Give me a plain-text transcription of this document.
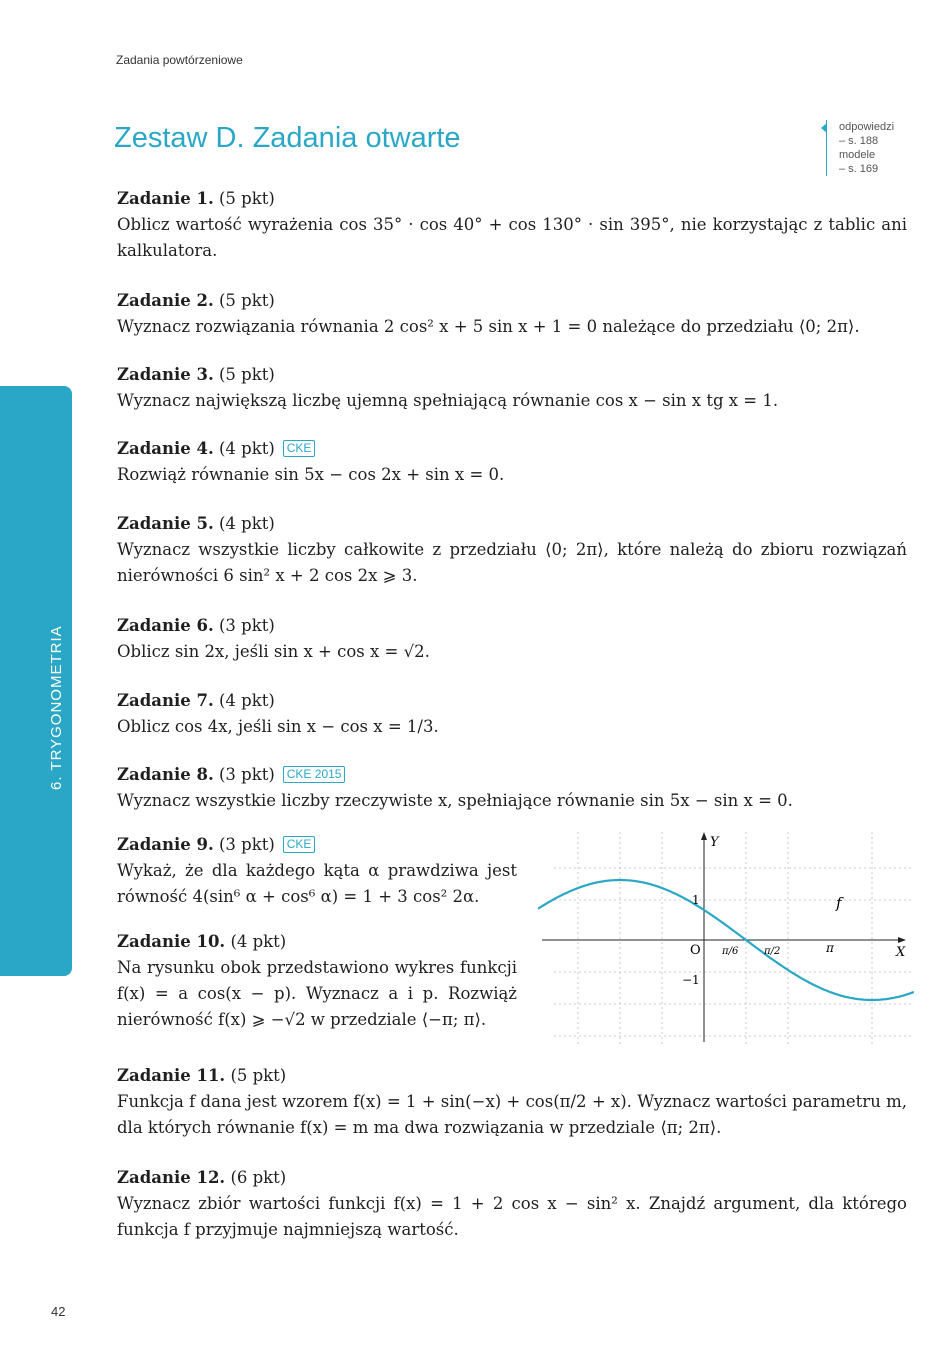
Zadania powtórzeniowe
Zestaw D. Zadania otwarte	odpowiedzi
– s. 188
modele
– s. 169
6. TRYGONOMETRIA
Zadanie 1. (5 pkt)
Oblicz wartość wyrażenia cos 35° · cos 40° + cos 130° · sin 395°, nie korzystając z tablic ani kalkulatora.
Zadanie 2. (5 pkt)
Wyznacz rozwiązania równania 2 cos² x + 5 sin x + 1 = 0 należące do przedziału ⟨0; 2π⟩.
Zadanie 3. (5 pkt)
Wyznacz największą liczbę ujemną spełniającą równanie cos x − sin x tg x = 1.
Zadanie 4. (4 pkt) CKE
Rozwiąż równanie sin 5x − cos 2x + sin x = 0.
Zadanie 5. (4 pkt)
Wyznacz wszystkie liczby całkowite z przedziału ⟨0; 2π⟩, które należą do zbioru rozwiązań nierówności 6 sin² x + 2 cos 2x ⩾ 3.
Zadanie 6. (3 pkt)
Oblicz sin 2x, jeśli sin x + cos x = √2.
Zadanie 7. (4 pkt)
Oblicz cos 4x, jeśli sin x − cos x = 1/3.
Zadanie 8. (3 pkt) CKE 2015
Wyznacz wszystkie liczby rzeczywiste x, spełniające równanie sin 5x − sin x = 0.
Zadanie 9. (3 pkt) CKE
Wykaż, że dla każdego kąta α prawdziwa jest równość 4(sin⁶ α + cos⁶ α) = 1 + 3 cos² 2α.
Zadanie 10. (4 pkt)
Na rysunku obok przedstawiono wykres funkcji f(x) = a cos(x − p). Wyznacz a i p. Rozwiąż nierówność f(x) ⩾ −√2 w przedziale ⟨−π; π⟩.
Y
X
O
1
−1
π/6	π/2	π
f
Zadanie 11. (5 pkt)
Funkcja f dana jest wzorem f(x) = 1 + sin(−x) + cos(π/2 + x). Wyznacz wartości parametru m, dla których równanie f(x) = m ma dwa rozwiązania w przedziale ⟨π; 2π⟩.
Zadanie 12. (6 pkt)
Wyznacz zbiór wartości funkcji f(x) = 1 + 2 cos x − sin² x. Znajdź argument, dla którego funkcja f przyjmuje najmniejszą wartość.
42
